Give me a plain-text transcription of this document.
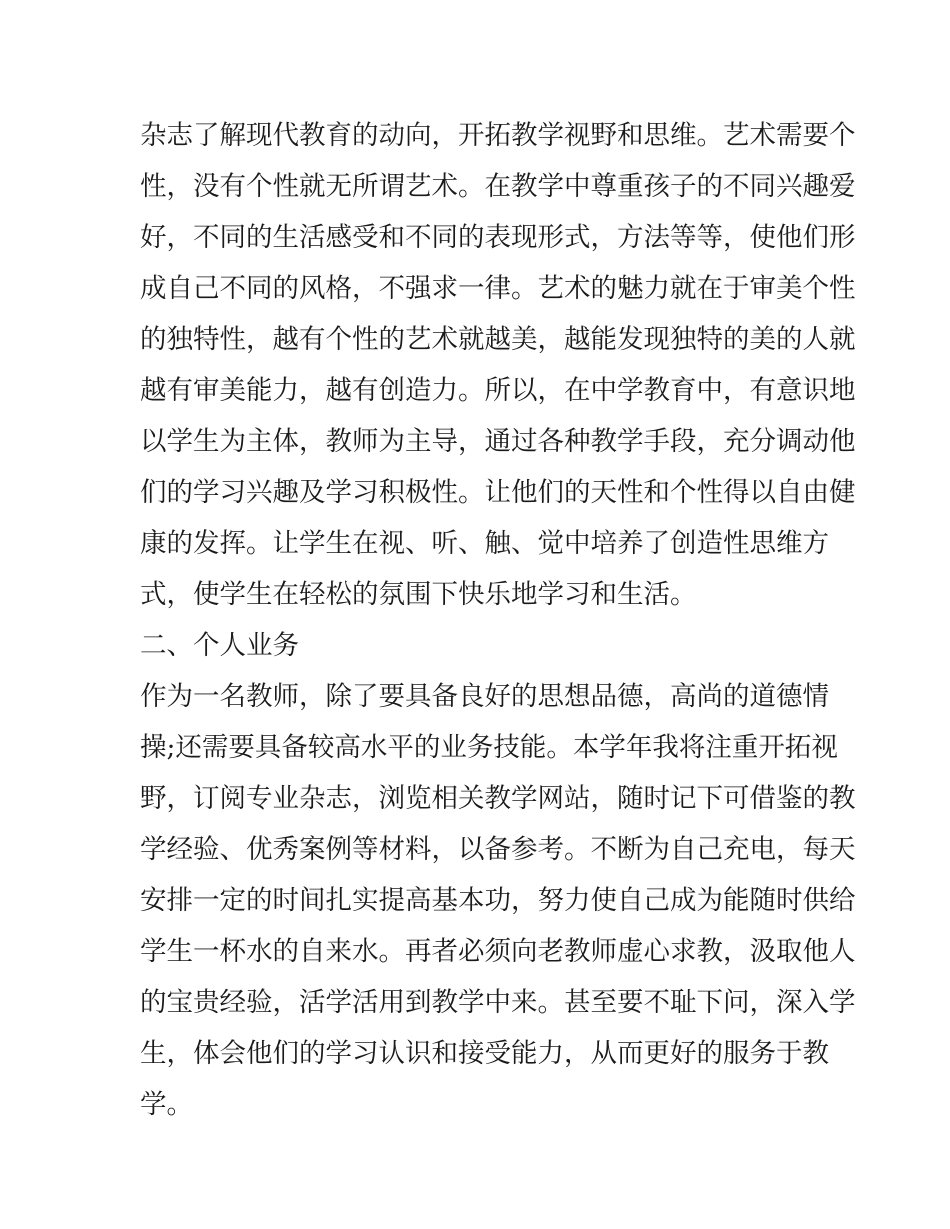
杂志了解现代教育的动向，开拓教学视野和思维。艺术需要个
性，没有个性就无所谓艺术。在教学中尊重孩子的不同兴趣爱
好，不同的生活感受和不同的表现形式，方法等等，使他们形
成自己不同的风格，不强求一律。艺术的魅力就在于审美个性
的独特性，越有个性的艺术就越美，越能发现独特的美的人就
越有审美能力，越有创造力。所以，在中学教育中，有意识地
以学生为主体，教师为主导，通过各种教学手段，充分调动他
们的学习兴趣及学习积极性。让他们的天性和个性得以自由健
康的发挥。让学生在视、听、触、觉中培养了创造性思维方
式，使学生在轻松的氛围下快乐地学习和生活。
二、个人业务
作为一名教师，除了要具备良好的思想品德，高尚的道德情
操;还需要具备较高水平的业务技能。本学年我将注重开拓视
野，订阅专业杂志，浏览相关教学网站，随时记下可借鉴的教
学经验、优秀案例等材料，以备参考。不断为自己充电，每天
安排一定的时间扎实提高基本功，努力使自己成为能随时供给
学生一杯水的自来水。再者必须向老教师虚心求教，汲取他人
的宝贵经验，活学活用到教学中来。甚至要不耻下问，深入学
生，体会他们的学习认识和接受能力，从而更好的服务于教
学。
